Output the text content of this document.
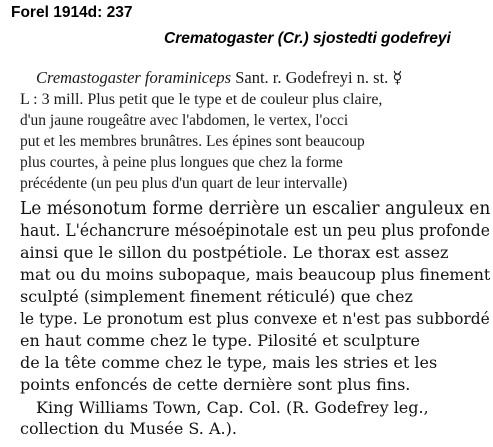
Forel 1914d: 237
Crematogaster (Cr.) sjostedti godefreyi
Cremastogaster foraminiceps Sant. r. Godefreyi n. st. ☿
L : 3 mill. Plus petit que le type et de couleur plus claire,
d'un jaune rougeâtre avec l'abdomen, le vertex, l'occi
put et les membres brunâtres. Les épines sont beaucoup
plus courtes, à peine plus longues que chez la forme
précédente (un peu plus d'un quart de leur intervalle)
Le mésonotum forme derrière un escalier anguleux en
haut. L'échancrure mésoépinotale est un peu plus profonde
ainsi que le sillon du postpétiole. Le thorax est assez
mat ou du moins subopaque, mais beaucoup plus finement
sculpté (simplement finement réticulé) que chez
le type. Le pronotum est plus convexe et n'est pas subbordé
en haut comme chez le type. Pilosité et sculpture
de la tête comme chez le type, mais les stries et les
points enfoncés de cette dernière sont plus fins.
King Williams Town, Cap. Col. (R. Godefrey leg.,
collection du Musée S. A.).
